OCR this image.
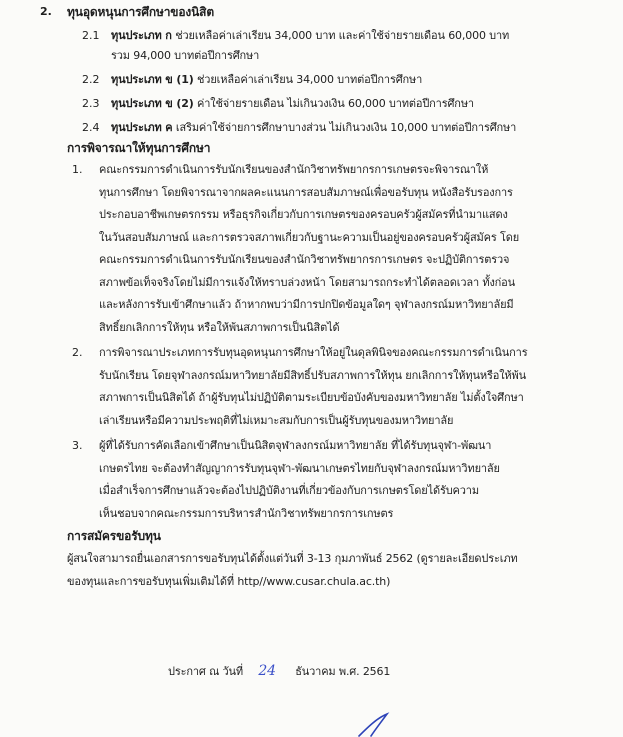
2. ทุนอุดหนุนการศึกษาของนิสิต
2.1 ทุนประเภท ก ช่วยเหลือค่าเล่าเรียน 34,000 บาท และค่าใช้จ่ายรายเดือน 60,000 บาท
รวม 94,000 บาทต่อปีการศึกษา
2.2 ทุนประเภท ข (1) ช่วยเหลือค่าเล่าเรียน 34,000 บาทต่อปีการศึกษา
2.3 ทุนประเภท ข (2) ค่าใช้จ่ายรายเดือน ไม่เกินวงเงิน 60,000 บาทต่อปีการศึกษา
2.4 ทุนประเภท ค เสริมค่าใช้จ่ายการศึกษาบางส่วน ไม่เกินวงเงิน 10,000 บาทต่อปีการศึกษา
การพิจารณาให้ทุนการศึกษา
1. คณะกรรมการดำเนินการรับนักเรียนของสำนักวิชาทรัพยากรการเกษตรจะพิจารณาให้
ทุนการศึกษา โดยพิจารณาจากผลคะแนนการสอบสัมภาษณ์เพื่อขอรับทุน หนังสือรับรองการ
ประกอบอาชีพเกษตรกรรม หรือธุรกิจเกี่ยวกับการเกษตรของครอบครัวผู้สมัครที่นำมาแสดง
ในวันสอบสัมภาษณ์ และการตรวจสภาพเกี่ยวกับฐานะความเป็นอยู่ของครอบครัวผู้สมัคร โดย
คณะกรรมการดำเนินการรับนักเรียนของสำนักวิชาทรัพยากรการเกษตร จะปฏิบัติการตรวจ
สภาพข้อเท็จจริงโดยไม่มีการแจ้งให้ทราบล่วงหน้า โดยสามารถกระทำได้ตลอดเวลา ทั้งก่อน
และหลังการรับเข้าศึกษาแล้ว ถ้าหากพบว่ามีการปกปิดข้อมูลใดๆ จุฬาลงกรณ์มหาวิทยาลัยมี
สิทธิ์ยกเลิกการให้ทุน หรือให้พ้นสภาพการเป็นนิสิตได้
2. การพิจารณาประเภทการรับทุนอุดหนุนการศึกษาให้อยู่ในดุลพินิจของคณะกรรมการดำเนินการ
รับนักเรียน โดยจุฬาลงกรณ์มหาวิทยาลัยมีสิทธิ์ปรับสภาพการให้ทุน ยกเลิกการให้ทุนหรือให้พ้น
สภาพการเป็นนิสิตได้ ถ้าผู้รับทุนไม่ปฏิบัติตามระเบียบข้อบังคับของมหาวิทยาลัย ไม่ตั้งใจศึกษา
เล่าเรียนหรือมีความประพฤติที่ไม่เหมาะสมกับการเป็นผู้รับทุนของมหาวิทยาลัย
3. ผู้ที่ได้รับการคัดเลือกเข้าศึกษาเป็นนิสิตจุฬาลงกรณ์มหาวิทยาลัย ที่ได้รับทุนจุฬา-พัฒนา
เกษตรไทย จะต้องทำสัญญาการรับทุนจุฬา-พัฒนาเกษตรไทยกับจุฬาลงกรณ์มหาวิทยาลัย
เมื่อสำเร็จการศึกษาแล้วจะต้องไปปฏิบัติงานที่เกี่ยวข้องกับการเกษตรโดยได้รับความ
เห็นชอบจากคณะกรรมการบริหารสำนักวิชาทรัพยากรการเกษตร
การสมัครขอรับทุน
ผู้สนใจสามารถยื่นเอกสารการขอรับทุนได้ตั้งแต่วันที่ 3-13 กุมภาพันธ์ 2562 (ดูรายละเอียดประเภท
ของทุนและการขอรับทุนเพิ่มเติมได้ที่ http//www.cusar.chula.ac.th)
ประกาศ ณ วันที่ 24 ธันวาคม พ.ศ. 2561
